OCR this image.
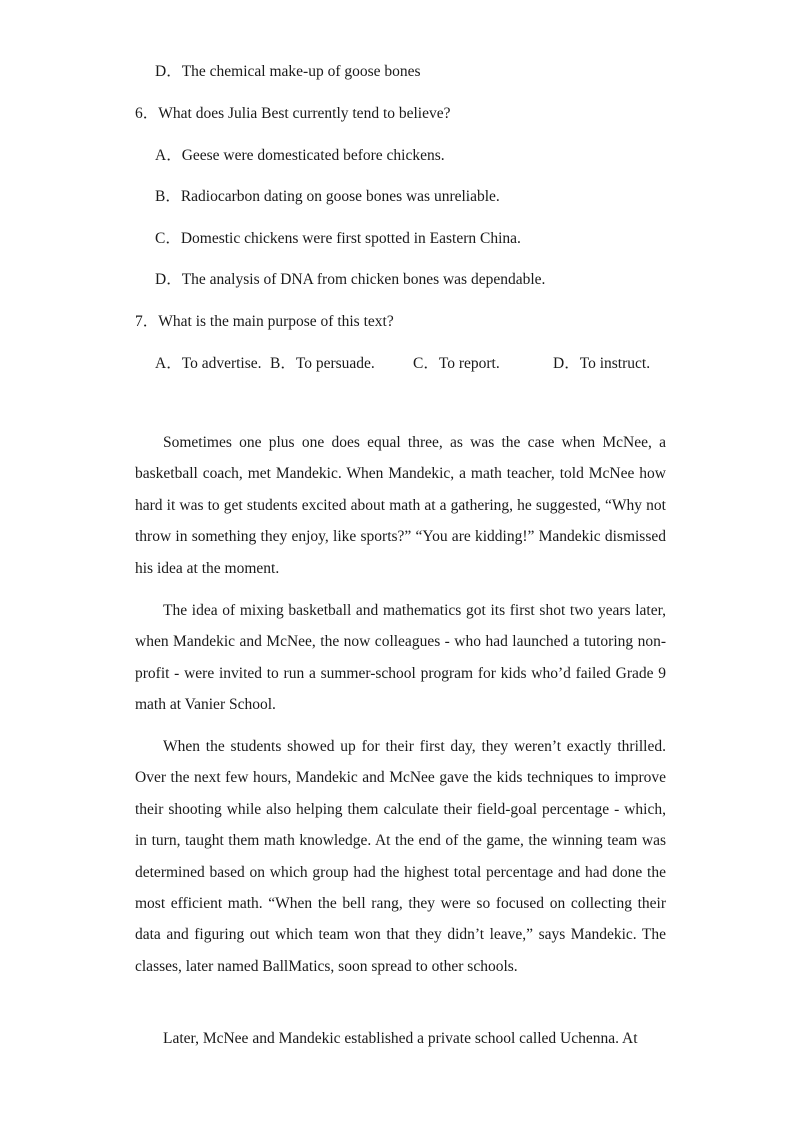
D．The chemical make-up of goose bones
6．What does Julia Best currently tend to believe?
A．Geese were domesticated before chickens.
B．Radiocarbon dating on goose bones was unreliable.
C．Domestic chickens were first spotted in Eastern China.
D．The analysis of DNA from chicken bones was dependable.
7．What is the main purpose of this text?
A．To advertise. B．To persuade. C．To report.	D．To instruct.

Sometimes one plus one does equal three, as was the case when McNee, a basketball coach, met Mandekic. When Mandekic, a math teacher, told McNee how hard it was to get students excited about math at a gathering, he suggested, “Why not throw in something they enjoy, like sports?” “You are kidding!” Mandekic dismissed his idea at the moment.

The idea of mixing basketball and mathematics got its first shot two years later, when Mandekic and McNee, the now colleagues - who had launched a tutoring non-profit - were invited to run a summer-school program for kids who’d failed Grade 9 math at Vanier School.

When the students showed up for their first day, they weren’t exactly thrilled. Over the next few hours, Mandekic and McNee gave the kids techniques to improve their shooting while also helping them calculate their field-goal percentage - which, in turn, taught them math knowledge. At the end of the game, the winning team was determined based on which group had the highest total percentage and had done the most efficient math. “When the bell rang, they were so focused on collecting their data and figuring out which team won that they didn’t leave,” says Mandekic. The classes, later named BallMatics, soon spread to other schools.

Later, McNee and Mandekic established a private school called Uchenna. At
